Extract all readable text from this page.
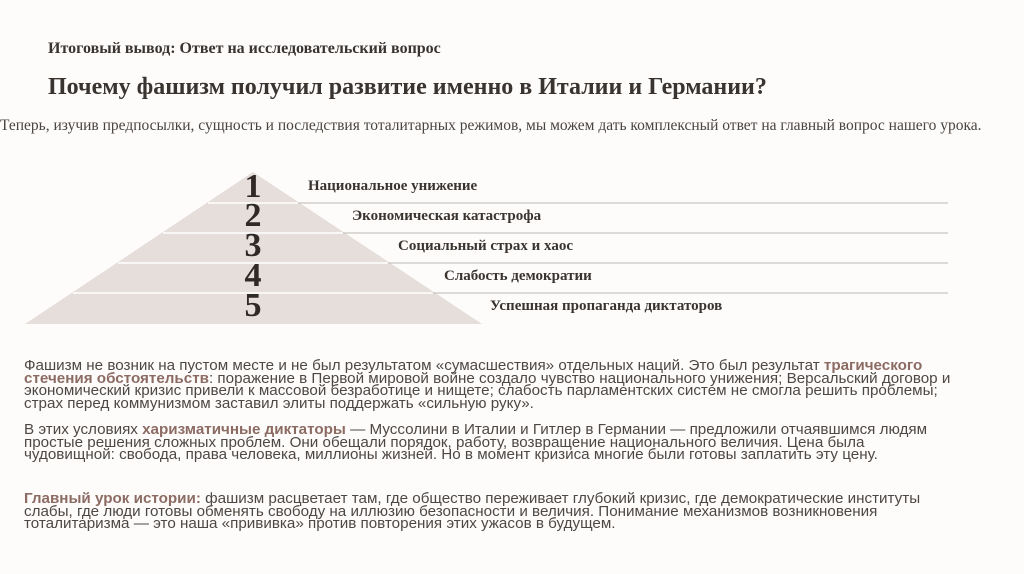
Итоговый вывод: Ответ на исследовательский вопрос
Почему фашизм получил развитие именно в Италии и Германии?
Теперь, изучив предпосылки, сущность и последствия тоталитарных режимов, мы можем дать комплексный ответ на главный вопрос нашего урока.
1
2
3
4
5
Национальное унижение
Экономическая катастрофа
Социальный страх и хаос
Слабость демократии
Успешная пропаганда диктаторов
Фашизм не возник на пустом месте и не был результатом «сумасшествия» отдельных наций. Это был результат трагического стечения обстоятельств: поражение в Первой мировой войне создало чувство национального унижения; Версальский договор и экономический кризис привели к массовой безработице и нищете; слабость парламентских систем не смогла решить проблемы; страх перед коммунизмом заставил элиты поддержать «сильную руку».
В этих условиях харизматичные диктаторы — Муссолини в Италии и Гитлер в Германии — предложили отчаявшимся людям простые решения сложных проблем. Они обещали порядок, работу, возвращение национального величия. Цена была чудовищной: свобода, права человека, миллионы жизней. Но в момент кризиса многие были готовы заплатить эту цену.
Главный урок истории: фашизм расцветает там, где общество переживает глубокий кризис, где демократические институты слабы, где люди готовы обменять свободу на иллюзию безопасности и величия. Понимание механизмов возникновения тоталитаризма — это наша «прививка» против повторения этих ужасов в будущем.
